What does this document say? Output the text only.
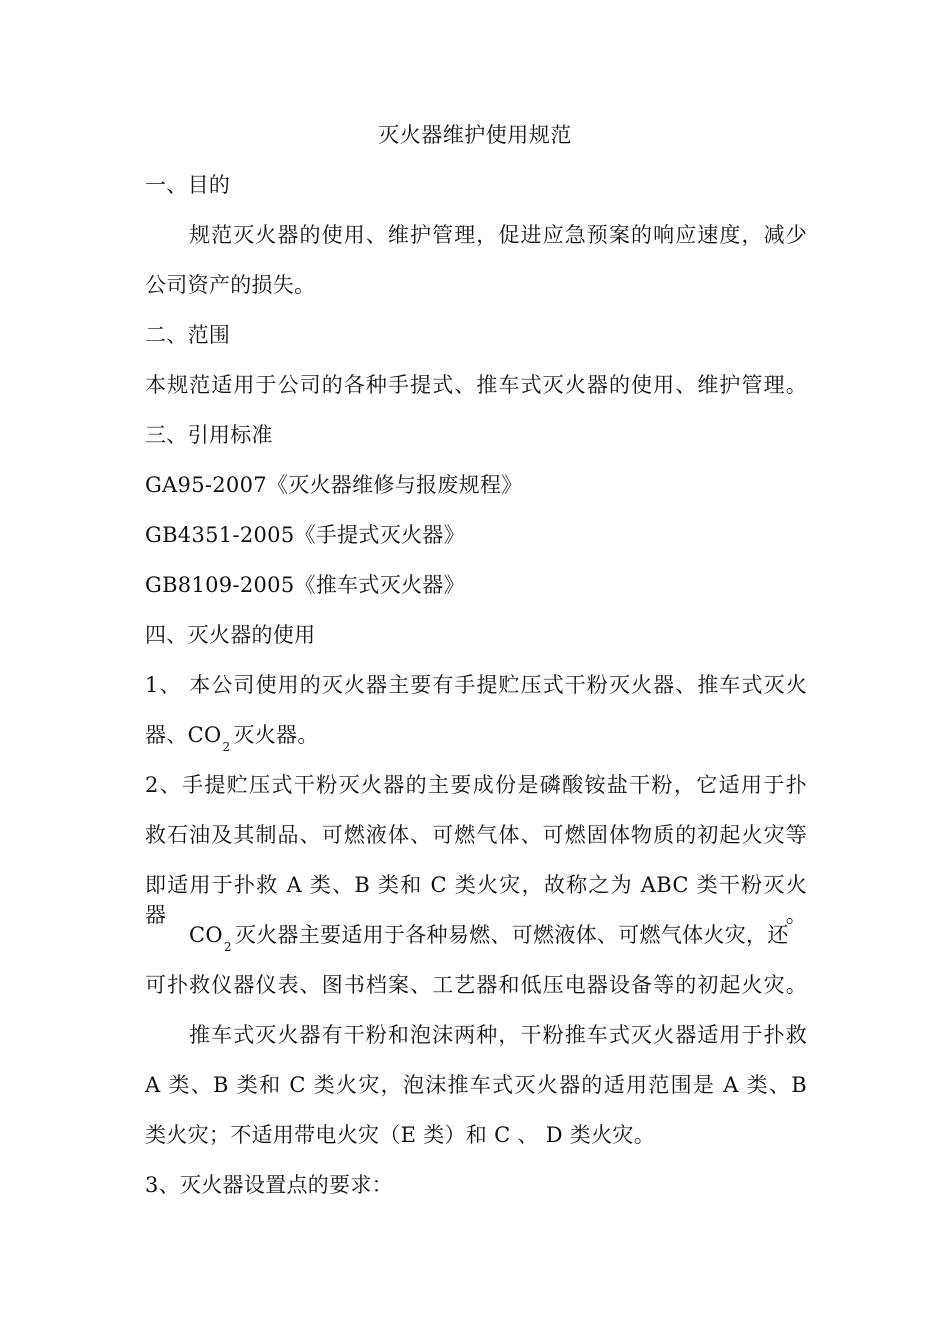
灭火器维护使用规范
一、目的
规范灭火器的使用、维护管理，促进应急预案的响应速度，减少
公司资产的损失。
二、范围
本规范适用于公司的各种手提式、推车式灭火器的使用、维护管理。
三、引用标准
GA95-2007《灭火器维修与报废规程》
GB4351-2005《手提式灭火器》
GB8109-2005《推车式灭火器》
四、灭火器的使用
1、 本公司使用的灭火器主要有手提贮压式干粉灭火器、推车式灭火
器、$CO_2$ 灭火器。
2、手提贮压式干粉灭火器的主要成份是磷酸铵盐干粉，它适用于扑
救石油及其制品、可燃液体、可燃气体、可燃固体物质的初起火灾等
即适用于扑救 A 类、B 类和 C 类火灾，故称之为 ABC 类干粉灭火器。
$CO_2$ 灭火器主要适用于各种易燃、可燃液体、可燃气体火灾，还
可扑救仪器仪表、图书档案、工艺器和低压电器设备等的初起火灾。
推车式灭火器有干粉和泡沫两种，干粉推车式灭火器适用于扑救
A 类、B 类和 C 类火灾，泡沫推车式灭火器的适用范围是 A 类、B
类火灾；不适用带电火灾（E 类）和 C 、 D 类火灾。
3、灭火器设置点的要求：
